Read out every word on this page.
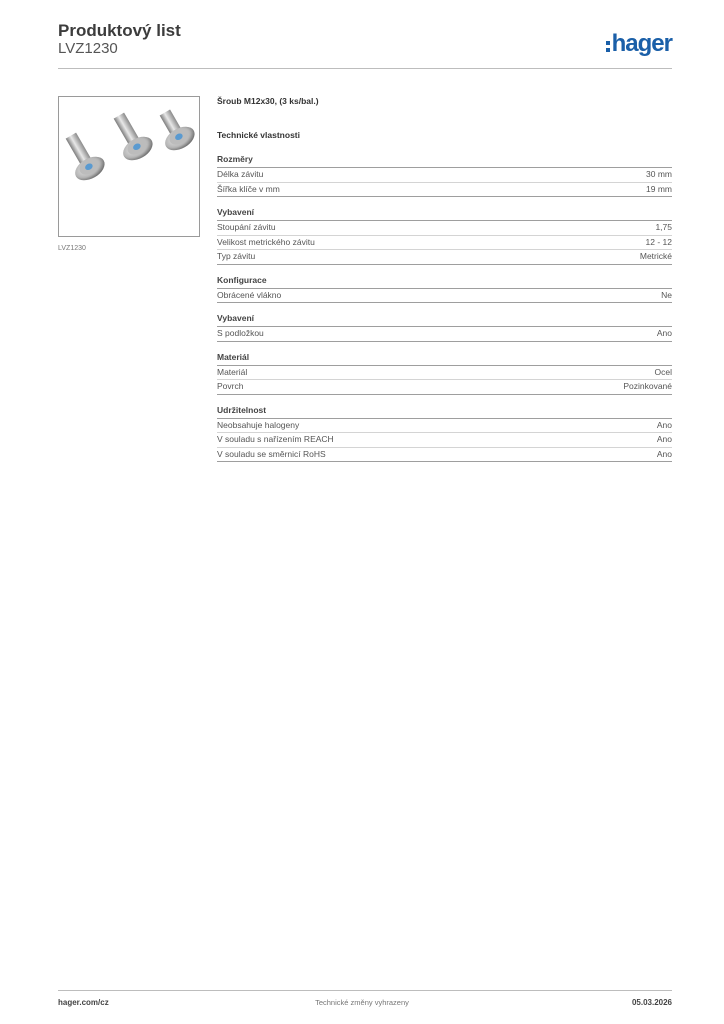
Produktový list
LVZ1230	hager
LVZ1230
Šroub M12x30, (3 ks/bal.)
Technické vlastnosti
Rozměry
Délka závitu	30 mm
Šířka klíče v mm	19 mm
Vybavení
Stoupání závitu	1,75
Velikost metrického závitu	12 - 12
Typ závitu	Metrické
Konfigurace
Obrácené vlákno	Ne
Vybavení
S podložkou	Ano
Materiál
Materiál	Ocel
Povrch	Pozinkované
Udržitelnost
Neobsahuje halogeny	Ano
V souladu s nařízením REACH	Ano
V souladu se směrnicí RoHS	Ano
hager.com/cz	Technické změny vyhrazeny	05.03.2026
